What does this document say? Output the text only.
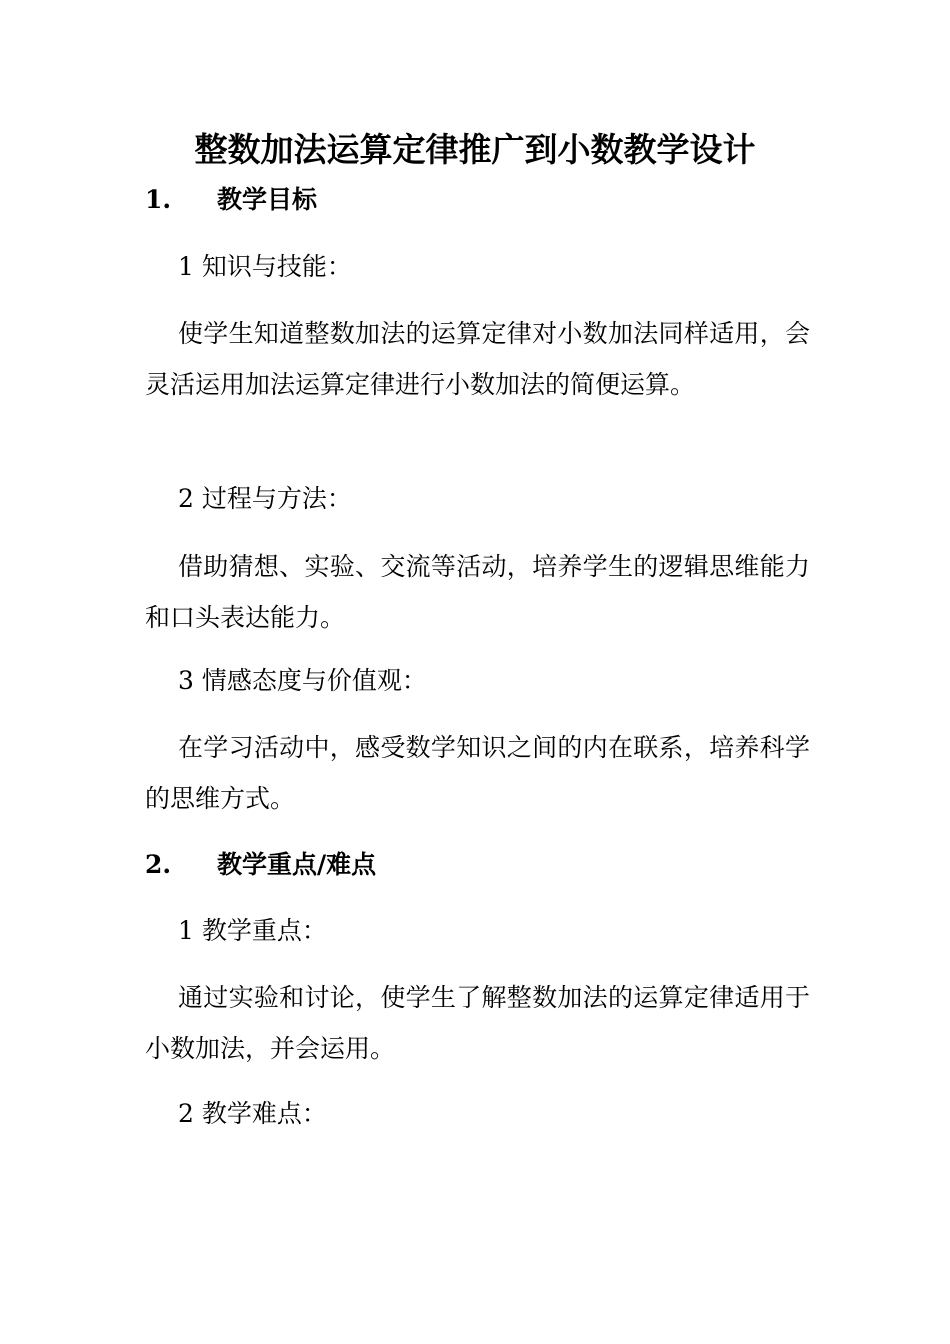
整数加法运算定律推广到小数教学设计
1. 教学目标
1 知识与技能：
使学生知道整数加法的运算定律对小数加法同样适用，会灵活运用加法运算定律进行小数加法的简便运算。
2 过程与方法：
借助猜想、实验、交流等活动，培养学生的逻辑思维能力和口头表达能力。
3 情感态度与价值观：
在学习活动中，感受数学知识之间的内在联系，培养科学的思维方式。
2. 教学重点/难点
1 教学重点：
通过实验和讨论，使学生了解整数加法的运算定律适用于小数加法，并会运用。
2 教学难点：
